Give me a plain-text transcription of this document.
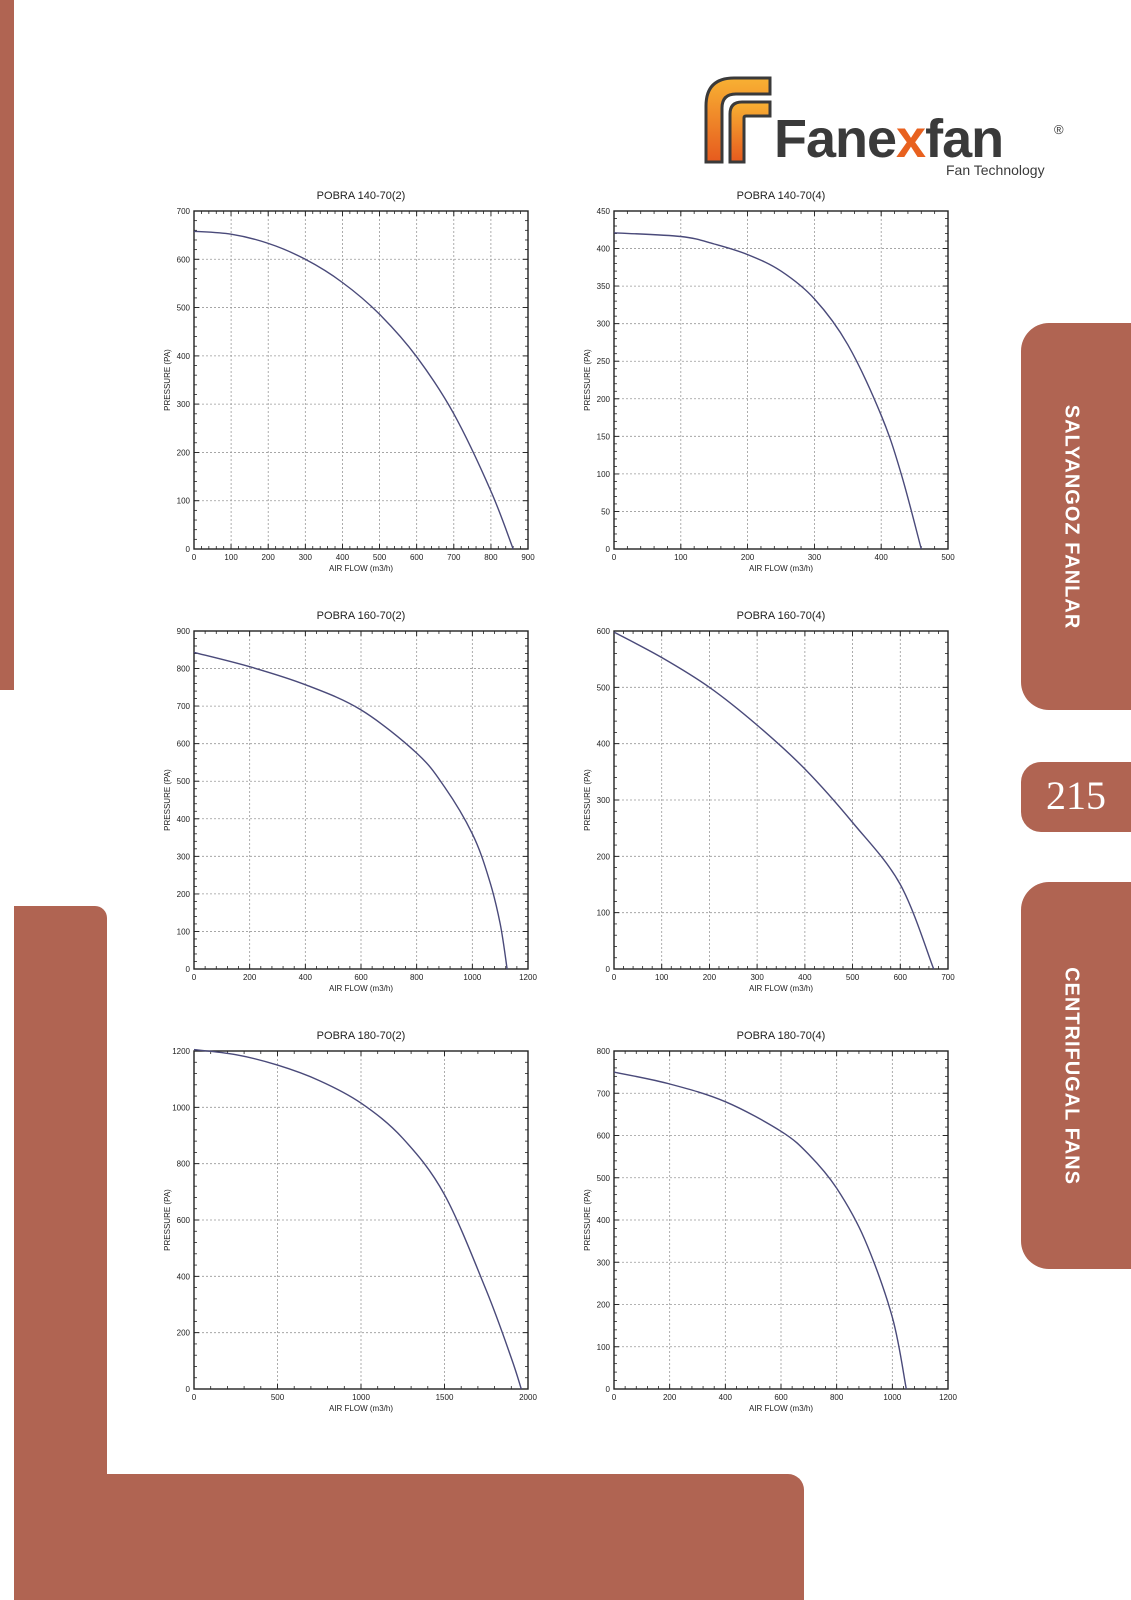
SALYANGOZ FANLAR
215
CENTRIFUGAL FANS
Fanexfan	®
Fan Technology
POBRA 140-70(2)
0	100	200	300	400	500	600	700	800	900
0
100
200
300
400
500
600
700
AIR FLOW (m3/h)
PRESSURE (PA)
POBRA 140-70(4)
0	100	200	300	400	500
0
50
100
150
200
250
300
350
400
450
AIR FLOW (m3/h)
PRESSURE (PA)
POBRA 160-70(2)
0	200	400	600	800	1000	1200
0
100
200
300
400
500
600
700
800
900
AIR FLOW (m3/h)
PRESSURE (PA)
POBRA 160-70(4)
0	100	200	300	400	500	600	700
0
100
200
300
400
500
600
AIR FLOW (m3/h)
PRESSURE (PA)
POBRA 180-70(2)
0	500	1000	1500	2000
0
200
400
600
800
1000
1200
AIR FLOW (m3/h)
PRESSURE (PA)
POBRA 180-70(4)
0	200	400	600	800	1000	1200
0
100
200
300
400
500
600
700
800
AIR FLOW (m3/h)
PRESSURE (PA)
